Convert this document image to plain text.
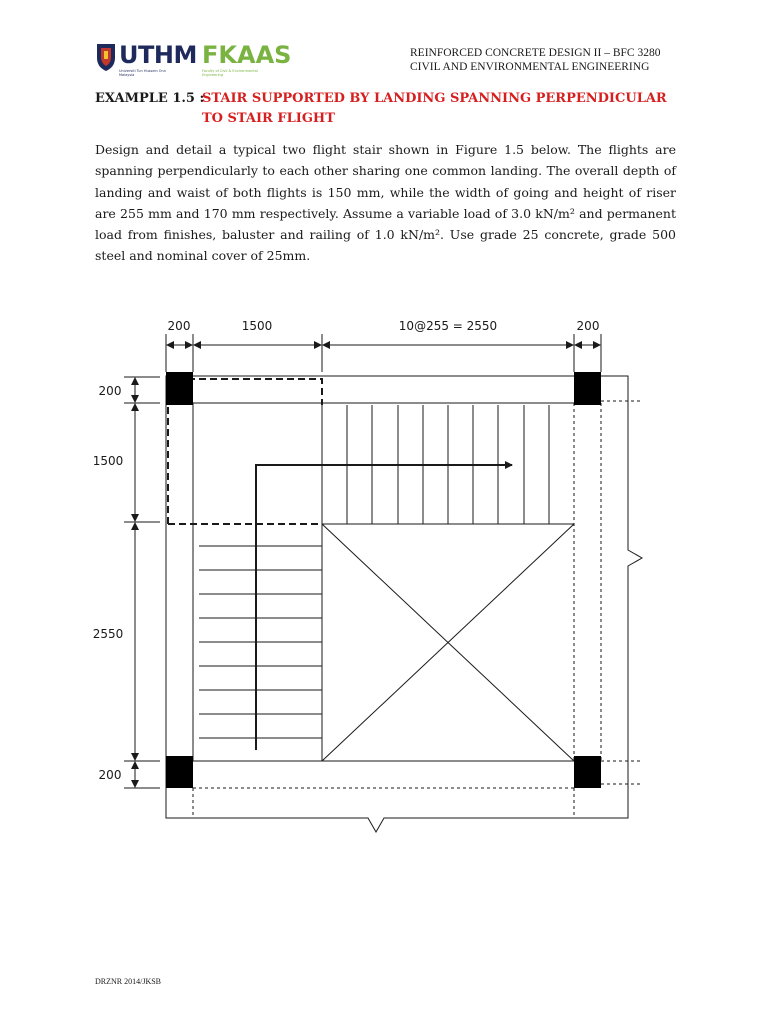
UTHM
Universiti Tun Hussein Onn Malaysia
FKAAS
Faculty of Civil & Environmental Engineering
REINFORCED CONCRETE DESIGN II – BFC 3280
CIVIL AND ENVIRONMENTAL ENGINEERING
EXAMPLE 1.5 :
STAIR SUPPORTED BY LANDING SPANNING PERPENDICULAR TO STAIR FLIGHT
Design and detail a typical two flight stair shown in Figure 1.5 below. The flights are spanning perpendicularly to each other sharing one common landing. The overall depth of landing and waist of both flights is 150 mm, while the width of going and height of riser are 255 mm and 170 mm respectively. Assume a variable load of 3.0 kN/m² and permanent load from finishes, baluster and railing of 1.0 kN/m². Use grade 25 concrete, grade 500 steel and nominal cover of 25mm.
200	1500	10@255 = 2550	200
200
1500
2550
200
DRZNR 2014/JKSB
